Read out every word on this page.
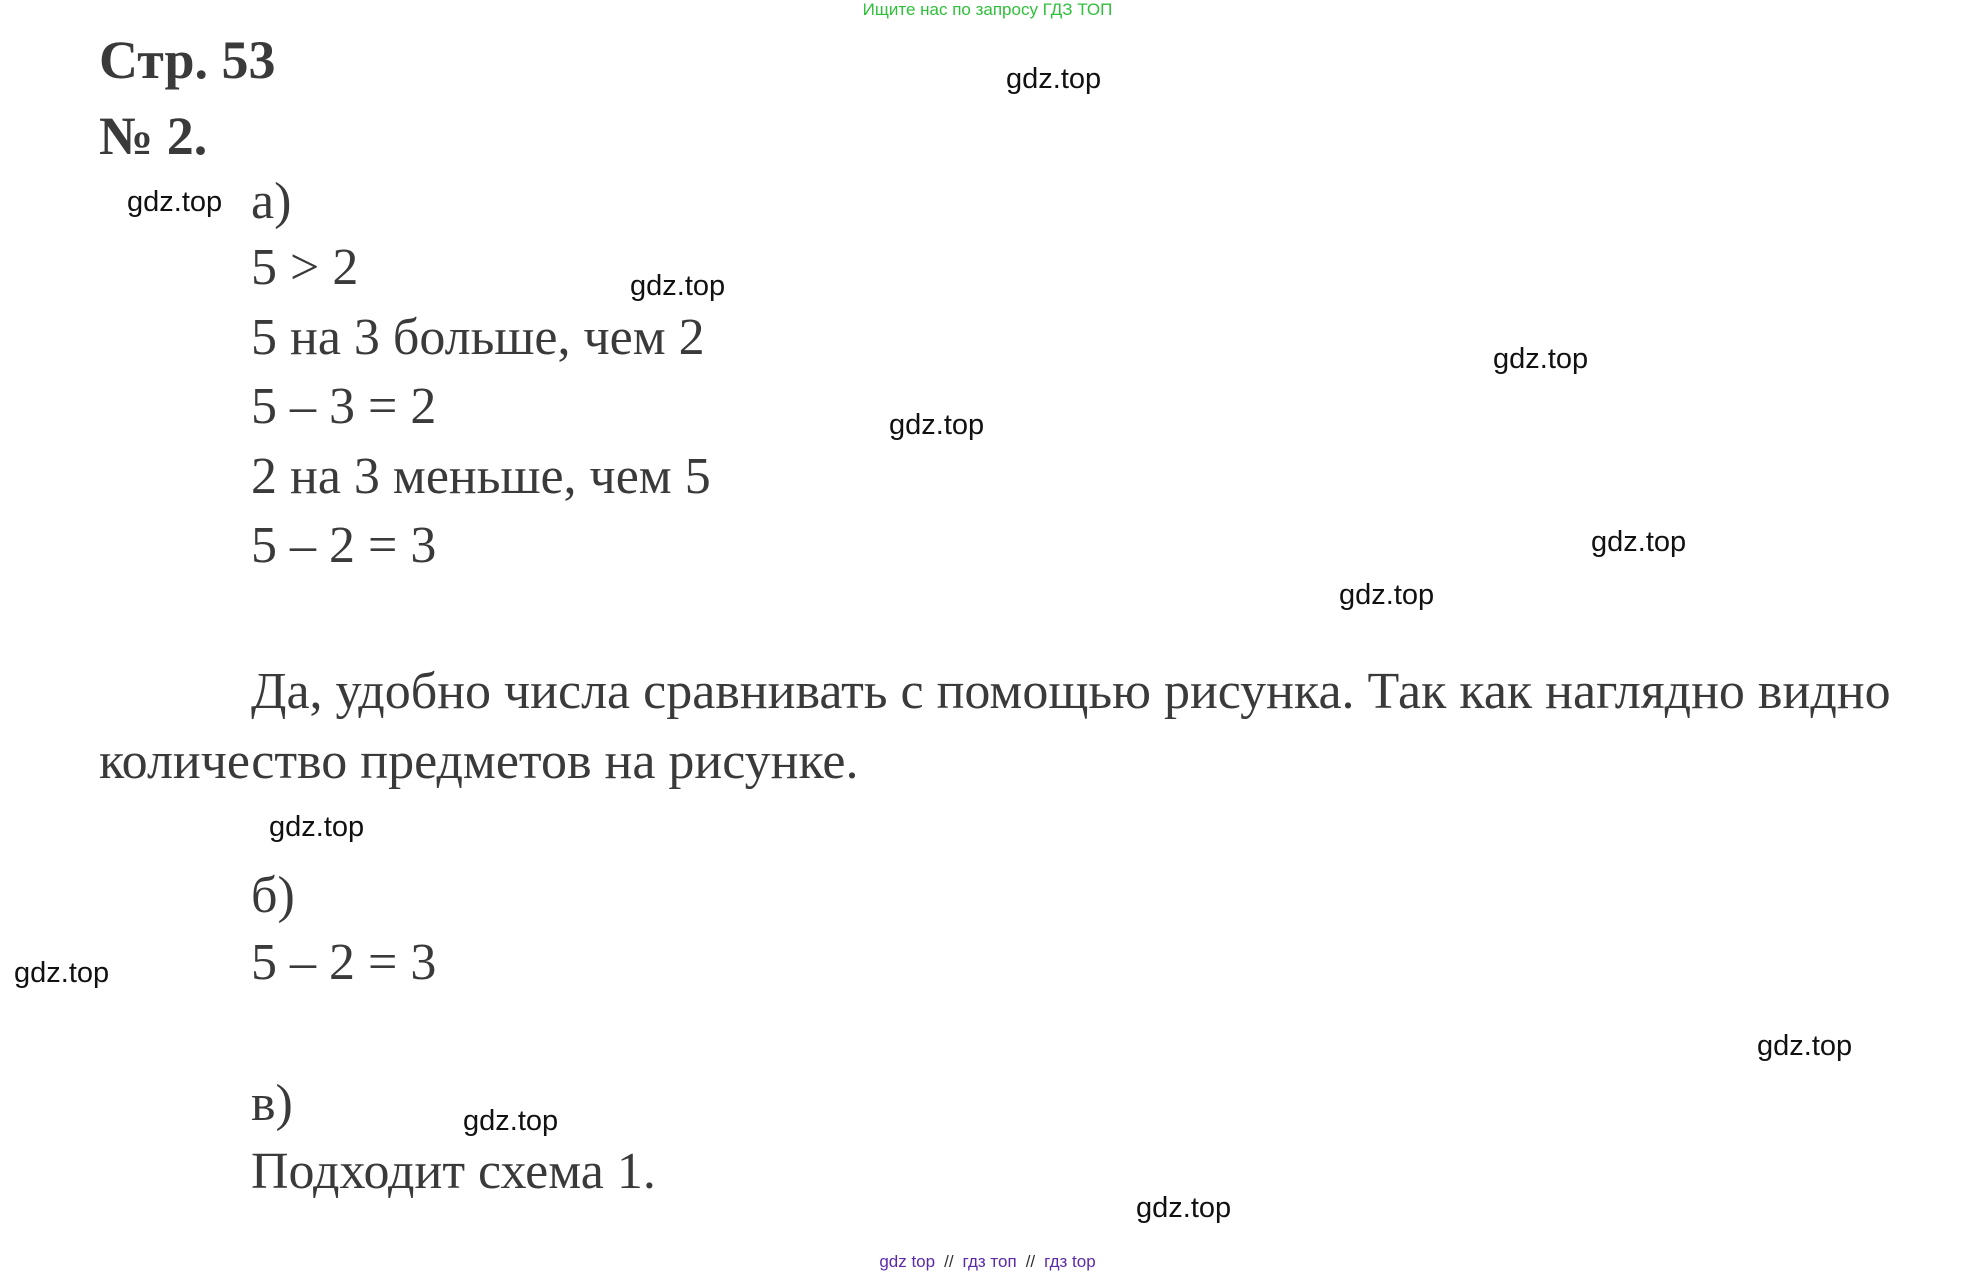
Ищите нас по запросу ГДЗ ТОП
Стр. 53
№ 2.
а)
5 > 2
5 на 3 больше, чем 2
5 – 3 = 2
2 на 3 меньше, чем 5
5 – 2 = 3
Да, удобно числа сравнивать с помощью рисунка. Так как наглядно видно количество предметов на рисунке.
б)
5 – 2 = 3
в)
Подходит схема 1.
gdz.top
gdz.top
gdz.top
gdz.top
gdz.top
gdz.top
gdz.top
gdz.top
gdz.top
gdz.top
gdz.top
gdz.top
gdz top // гдз топ // гдз top
